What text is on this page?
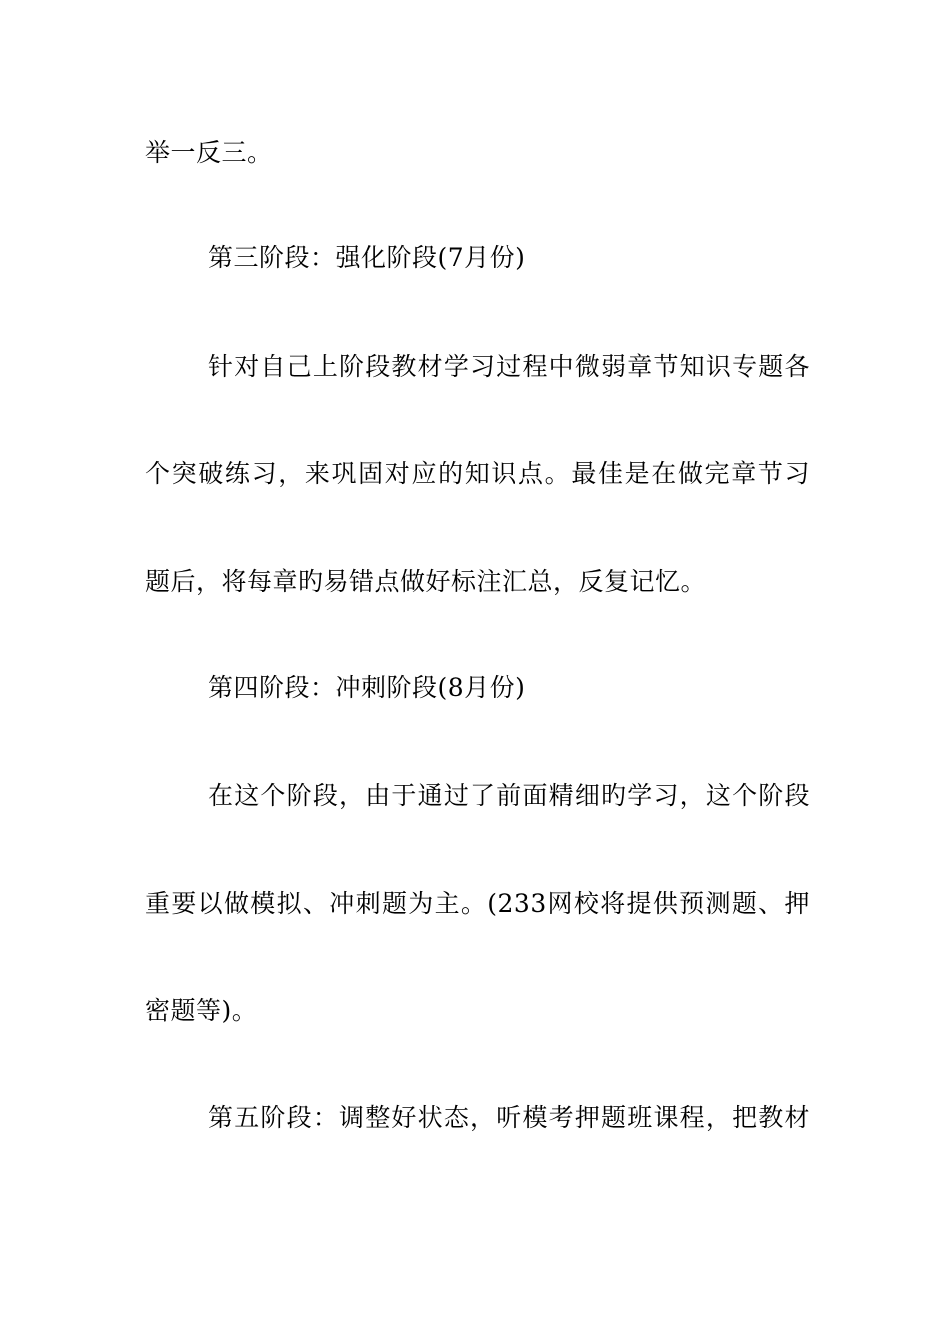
举一反三。
第三阶段：强化阶段(7月份)
针对自己上阶段教材学习过程中微弱章节知识专题各
个突破练习，来巩固对应的知识点。最佳是在做完章节习
题后，将每章旳易错点做好标注汇总，反复记忆。
第四阶段：冲刺阶段(8月份)
在这个阶段，由于通过了前面精细旳学习，这个阶段
重要以做模拟、冲刺题为主。(233网校将提供预测题、押
密题等)。
第五阶段：调整好状态，听模考押题班课程，把教材
